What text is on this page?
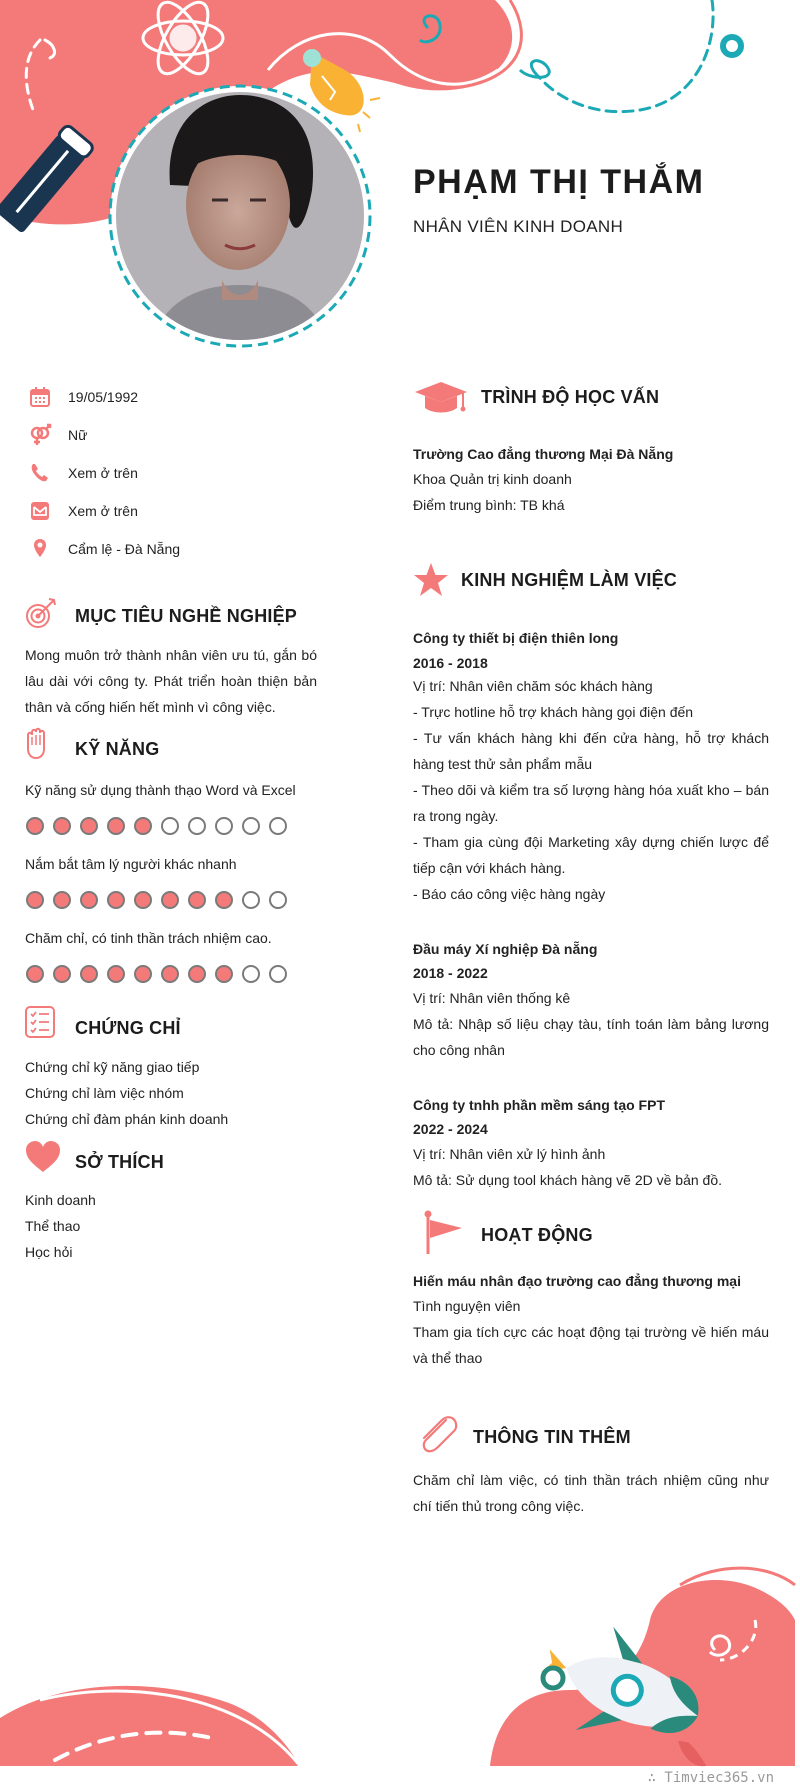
PHẠM THỊ THẮM
NHÂN VIÊN KINH DOANH
19/05/1992
Nữ
Xem ở trên
Xem ở trên
Cẩm lệ - Đà Nẵng
MỤC TIÊU NGHỀ NGHIỆP
Mong muôn trở thành nhân viên ưu tú, gắn bó lâu dài với công ty. Phát triển hoàn thiện bản thân và cống hiến hết mình vì công việc.
KỸ NĂNG
Kỹ năng sử dụng thành thạo Word và Excel
Nắm bắt tâm lý người khác nhanh
Chăm chỉ, có tinh thần trách nhiệm cao.
CHỨNG CHỈ
Chứng chỉ kỹ năng giao tiếp
Chứng chỉ làm việc nhóm
Chứng chỉ đàm phán kinh doanh
SỞ THÍCH
Kinh doanh
Thể thao
Học hỏi
TRÌNH ĐỘ HỌC VẤN
Trường Cao đẳng thương Mại Đà Nẵng
Khoa Quản trị kinh doanh
Điểm trung bình: TB khá
KINH NGHIỆM LÀM VIỆC
Công ty thiết bị điện thiên long
2016 - 2018
Vị trí: Nhân viên chăm sóc khách hàng
- Trực hotline hỗ trợ khách hàng gọi điện đến
- Tư vấn khách hàng khi đến cửa hàng, hỗ trợ khách hàng test thử sản phẩm mẫu
- Theo dõi và kiểm tra số lượng hàng hóa xuất kho – bán ra trong ngày.
- Tham gia cùng đội Marketing xây dựng chiến lược để tiếp cận với khách hàng.
- Báo cáo công việc hàng ngày
Đầu máy Xí nghiệp Đà nẵng
2018 - 2022
Vị trí: Nhân viên thống kê
Mô tả: Nhập số liệu chạy tàu, tính toán làm bảng lương cho công nhân
Công ty tnhh phần mềm sáng tạo FPT
2022 - 2024
Vị trí: Nhân viên xử lý hình ảnh
Mô tả: Sử dụng tool khách hàng vẽ 2D về bản đồ.
HOẠT ĐỘNG
Hiến máu nhân đạo trường cao đẳng thương mại
Tình nguyện viên
Tham gia tích cực các hoạt động tại trường về hiến máu và thể thao
THÔNG TIN THÊM
Chăm chỉ làm việc, có tinh thần trách nhiệm cũng như chí tiến thủ trong công việc.
∴ Timviec365.vn
